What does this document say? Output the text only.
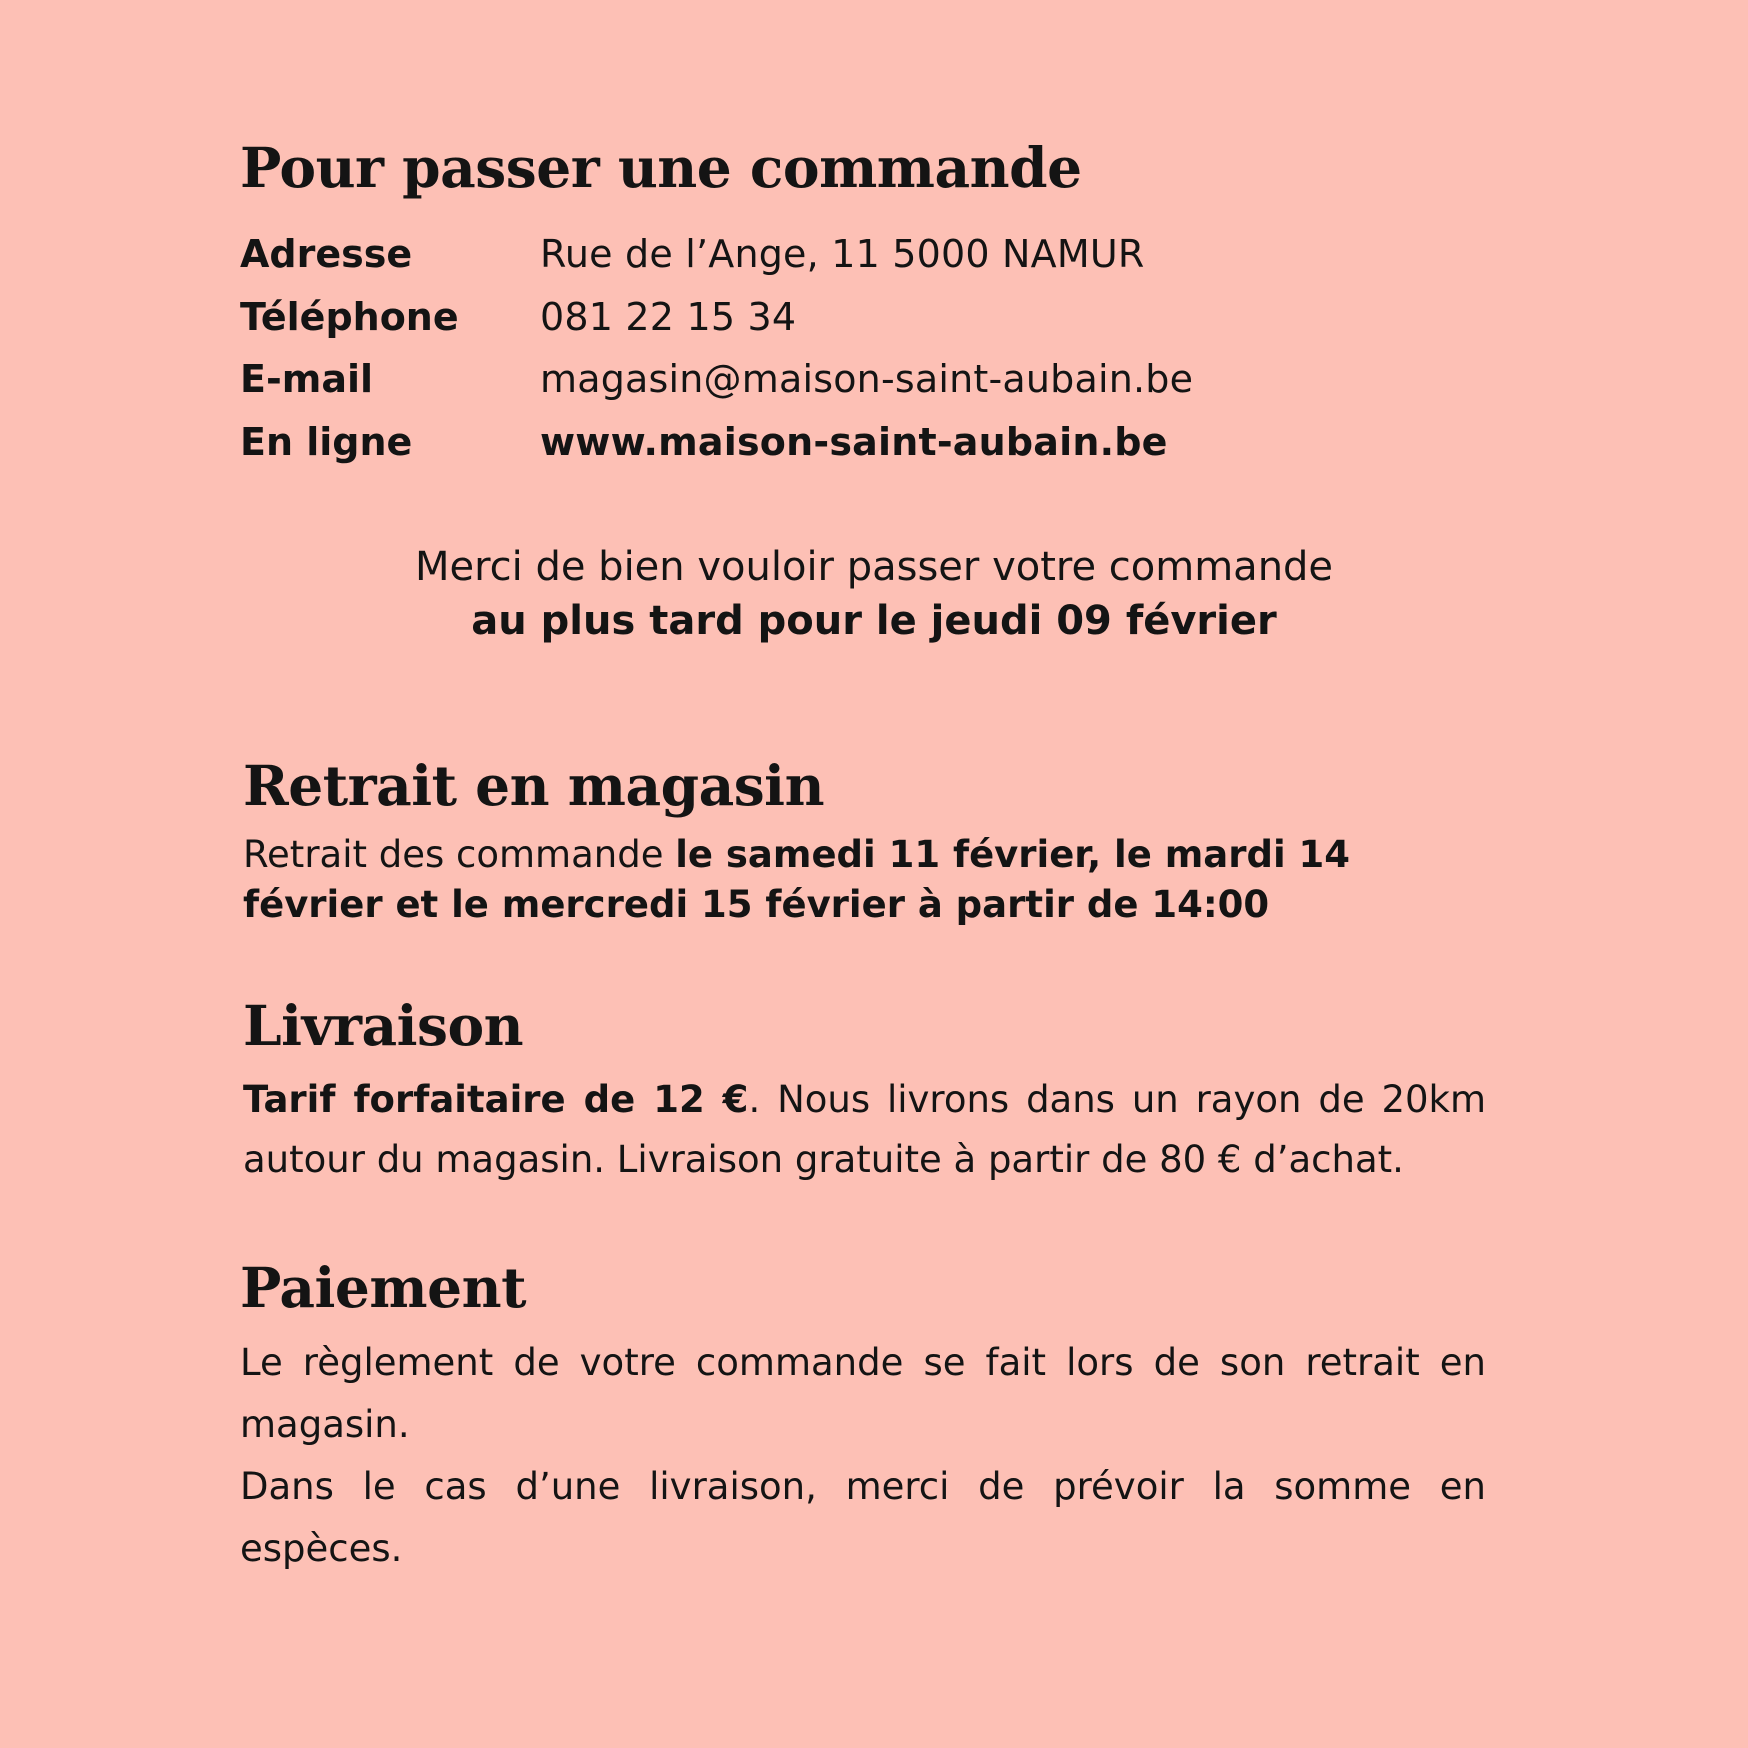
Pour passer une commande
Adresse	Rue de l’Ange, 11 5000 NAMUR
Téléphone 081 22 15 34
E-mail	magasin@maison-saint-aubain.be
En ligne	www.maison-saint-aubain.be
Merci de bien vouloir passer votre commande
au plus tard pour le jeudi 09 février
Retrait en magasin

Retrait des commande le samedi 11 février, le mardi 14 février et le mercredi 15 février à partir de 14:00

Livraison

Tarif forfaitaire de 12 €. Nous livrons dans un rayon de 20km autour du magasin. Livraison gratuite à partir de 80 € d’achat.

Paiement

Le règlement de votre commande se fait lors de son retrait en magasin.

Dans le cas d’une livraison, merci de prévoir la somme en espèces.
